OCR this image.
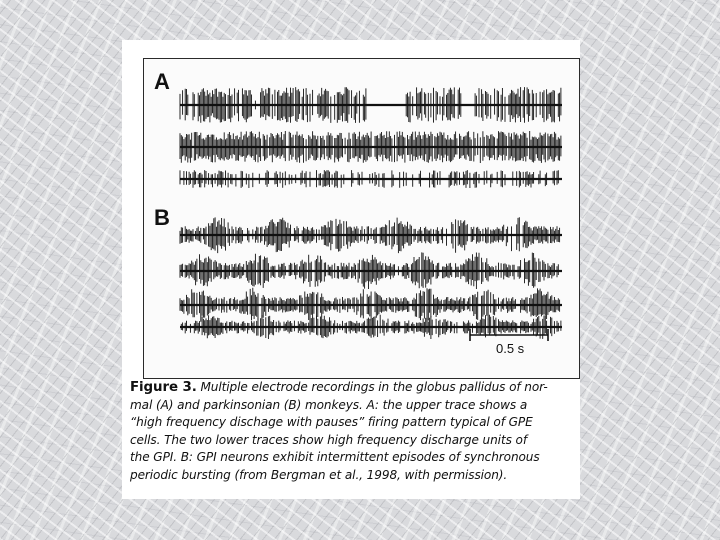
A
B
0.5 s
Figure 3. Multiple electrode recordings in the globus pallidus of nor-
mal (A) and parkinsonian (B) monkeys. A: the upper trace shows a
“high frequency dischage with pauses” firing pattern typical of GPE
cells. The two lower traces show high frequency discharge units of
the GPI. B: GPI neurons exhibit intermittent episodes of synchronous
periodic bursting (from Bergman et al., 1998, with permission).
